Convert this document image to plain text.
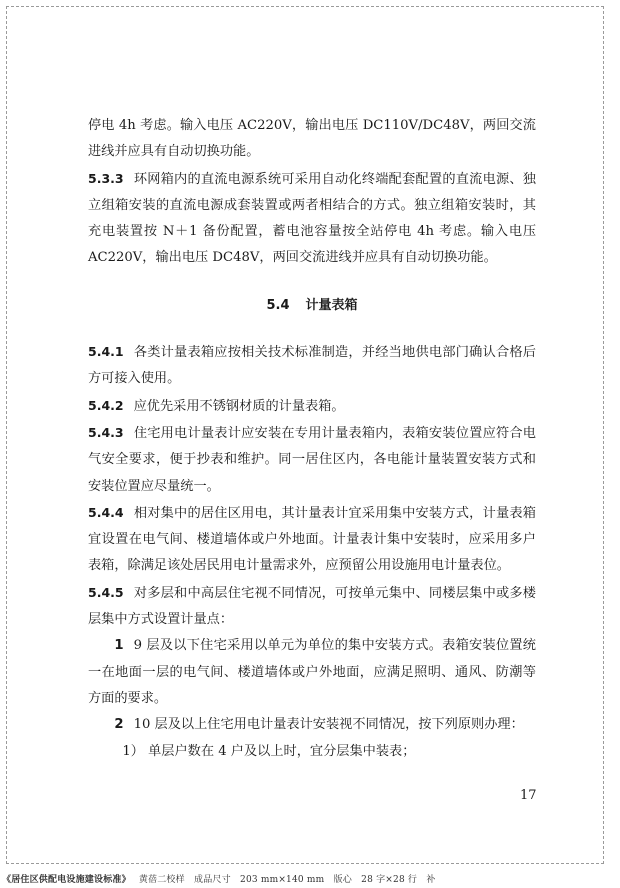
停电 4h 考虑。输入电压 AC220V，输出电压 DC110V/DC48V，两回交流进线并应具有自动切换功能。

5.3.3 环网箱内的直流电源系统可采用自动化终端配套配置的直流电源、独立组箱安装的直流电源成套装置或两者相结合的方式。独立组箱安装时，其充电装置按 N＋1 备份配置，蓄电池容量按全站停电 4h 考虑。输入电压 AC220V，输出电压 DC48V，两回交流进线并应具有自动切换功能。

5.4 计量表箱

5.4.1 各类计量表箱应按相关技术标准制造，并经当地供电部门确认合格后方可接入使用。

5.4.2 应优先采用不锈钢材质的计量表箱。

5.4.3 住宅用电计量表计应安装在专用计量表箱内，表箱安装位置应符合电气安全要求，便于抄表和维护。同一居住区内，各电能计量装置安装方式和安装位置应尽量统一。

5.4.4 相对集中的居住区用电，其计量表计宜采用集中安装方式，计量表箱宜设置在电气间、楼道墙体或户外地面。计量表计集中安装时，应采用多户表箱，除满足该处居民用电计量需求外，应预留公用设施用电计量表位。

5.4.5 对多层和中高层住宅视不同情况，可按单元集中、同楼层集中或多楼层集中方式设置计量点：

1 9 层及以下住宅采用以单元为单位的集中安装方式。表箱安装位置统一在地面一层的电气间、楼道墙体或户外地面，应满足照明、通风、防潮等方面的要求。

2 10 层及以上住宅用电计量表计安装视不同情况，按下列原则办理：

1） 单层户数在 4 户及以上时，宜分层集中装表；

17
《居住区供配电设施建设标准》 黄蓓二校样　成品尺寸　203 mm×140 mm　版心　28 字×28 行　补
